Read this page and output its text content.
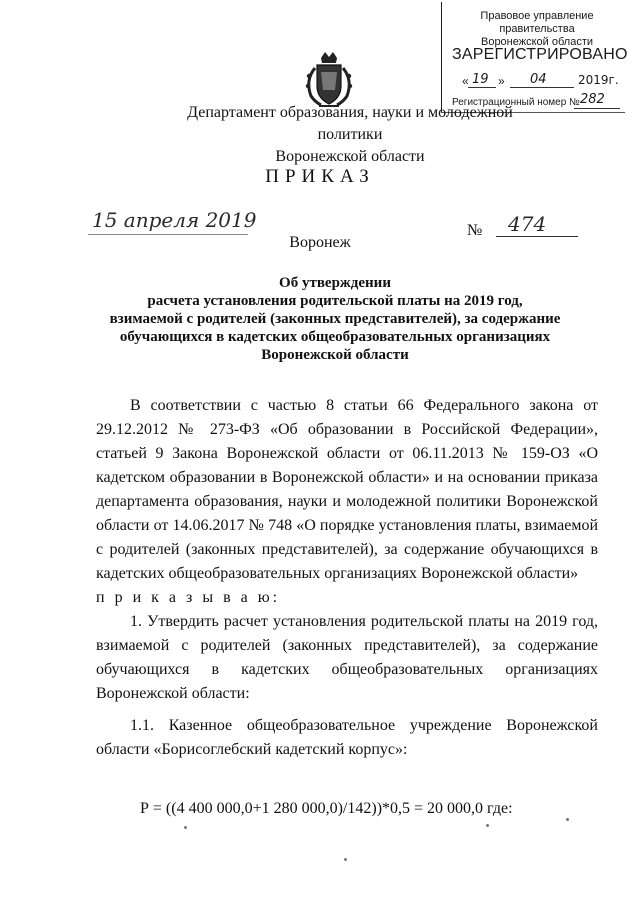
Правовое управление правительства
Воронежской области
ЗАРЕГИСТРИРОВАНО
« 19 » 04	2019г.
Регистрационный номер № 282
Департамент образования, науки и молодежной политики
Воронежской области
ПРИКАЗ
15 апреля 2019	№ 474
Воронеж
Об утверждении
расчета установления родительской платы на 2019 год,
взимаемой с родителей (законных представителей), за содержание
обучающихся в кадетских общеобразовательных организациях
Воронежской области

В соответствии с частью 8 статьи 66 Федерального закона от 29.12.2012 № 273-ФЗ «Об образовании в Российской Федерации», статьей 9 Закона Воронежской области от 06.11.2013 № 159-ОЗ «О кадетском образовании в Воронежской области» и на основании приказа департамента образования, науки и молодежной политики Воронежской области от 14.06.2017 № 748 «О порядке установления платы, взимаемой с родителей (законных представителей), за содержание обучающихся в кадетских общеобразовательных организациях Воронежской области»

п р и к а з ы в а ю:

1. Утвердить расчет установления родительской платы на 2019 год, взимаемой с родителей (законных представителей), за содержание обучающихся в кадетских общеобразовательных организациях Воронежской области:

1.1. Казенное общеобразовательное учреждение Воронежской области «Борисоглебский кадетский корпус»:

Р = ((4 400 000,0+1 280 000,0)/142))*0,5 = 20 000,0 где:
